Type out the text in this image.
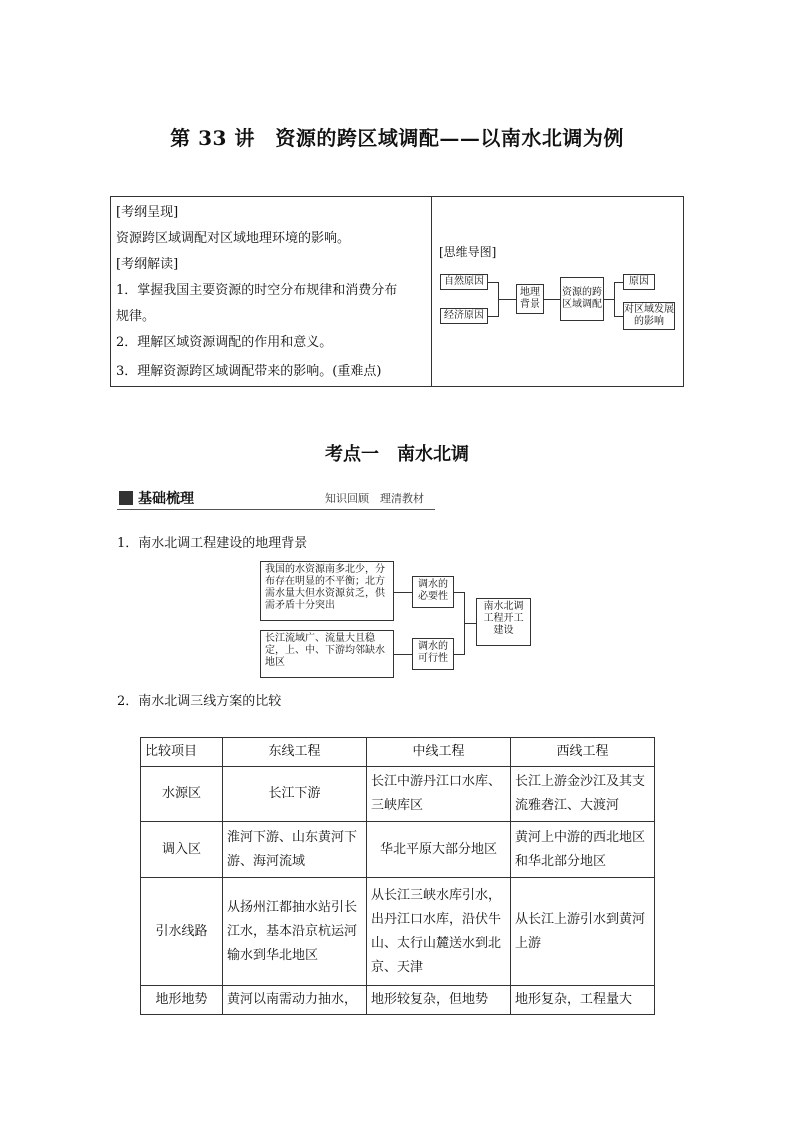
第 33 讲　资源的跨区域调配——以南水北调为例
[考纲呈现]
资源跨区域调配对区域地理环境的影响。
[考纲解读]
1．掌握我国主要资源的时空分布规律和消费分布
规律。
2．理解区域资源调配的作用和意义。
3．理解资源跨区域调配带来的影响。(重难点)
[思维导图]
自然原因
经济原因
地理背景
资源的跨区域调配
原因
对区域发展的影响
考点一　南水北调
基础梳理	知识回顾　理清教材
1．南水北调工程建设的地理背景
我国的水资源南多北少，分布存在明显的不平衡；北方需水量大但水资源贫乏，供需矛盾十分突出
长江流域广、流量大且稳定，上、中、下游均邻缺水地区
调水的必要性
调水的可行性
南水北调工程开工建设
2．南水北调三线方案的比较
比较项目	东线工程	中线工程	西线工程
水源区	长江下游	长江中游丹江口水库、三峡库区	长江上游金沙江及其支流雅砻江、大渡河
调入区	淮河下游、山东黄河下游、海河流域	华北平原大部分地区	黄河上中游的西北地区和华北部分地区
引水线路	从扬州江都抽水站引长江水，基本沿京杭运河输水到华北地区	从长江三峡水库引水，出丹江口水库，沿伏牛山、太行山麓送水到北京、天津	从长江上游引水到黄河上游
地形地势	黄河以南需动力抽水，	地形较复杂，但地势	地形复杂，工程量大
